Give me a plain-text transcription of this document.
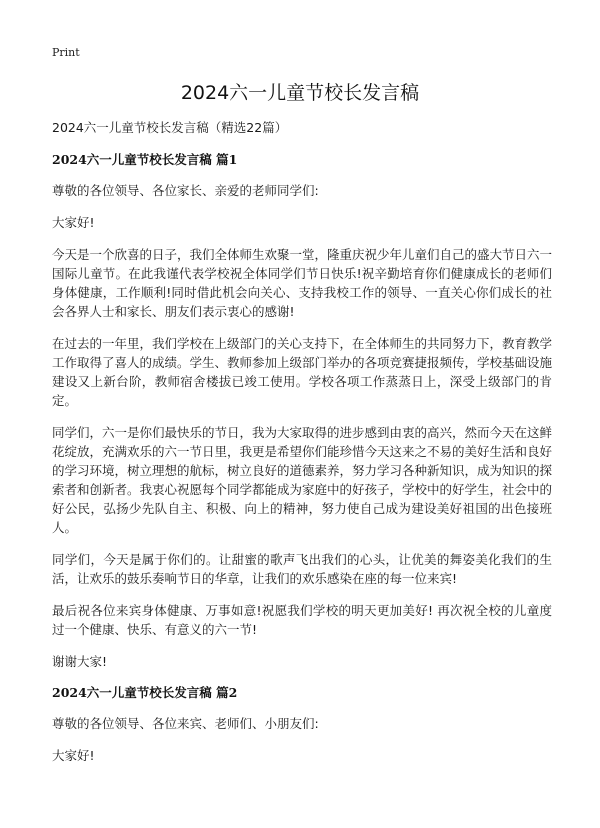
Print
2024六一儿童节校长发言稿

2024六一儿童节校长发言稿（精选22篇）

2024六一儿童节校长发言稿 篇1

尊敬的各位领导、各位家长、亲爱的老师同学们:

大家好!

今天是一个欣喜的日子，我们全体师生欢聚一堂，隆重庆祝少年儿童们自己的盛大节日六一国际儿童节。在此我谨代表学校祝全体同学们节日快乐!祝辛勤培育你们健康成长的老师们身体健康，工作顺利!同时借此机会向关心、支持我校工作的领导、一直关心你们成长的社会各界人士和家长、朋友们表示衷心的感谢!

在过去的一年里，我们学校在上级部门的关心支持下，在全体师生的共同努力下，教育教学工作取得了喜人的成绩。学生、教师参加上级部门举办的各项竞赛捷报频传，学校基础设施建设又上新台阶，教师宿舍楼拔已竣工使用。学校各项工作蒸蒸日上，深受上级部门的肯定。

同学们，六一是你们最快乐的节日，我为大家取得的进步感到由衷的高兴，然而今天在这鲜花绽放，充满欢乐的六一节日里，我更是希望你们能珍惜今天这来之不易的美好生活和良好的学习环境，树立理想的航标，树立良好的道德素养，努力学习各种新知识，成为知识的探索者和创新者。我衷心祝愿每个同学都能成为家庭中的好孩子，学校中的好学生，社会中的好公民，弘扬少先队自主、积极、向上的精神，努力使自己成为建设美好祖国的出色接班人。

同学们，今天是属于你们的。让甜蜜的歌声飞出我们的心头，让优美的舞姿美化我们的生活，让欢乐的鼓乐奏响节日的华章，让我们的欢乐感染在座的每一位来宾!

最后祝各位来宾身体健康、万事如意!祝愿我们学校的明天更加美好! 再次祝全校的儿童度过一个健康、快乐、有意义的六一节!

谢谢大家!

2024六一儿童节校长发言稿 篇2

尊敬的各位领导、各位来宾、老师们、小朋友们:

大家好!
